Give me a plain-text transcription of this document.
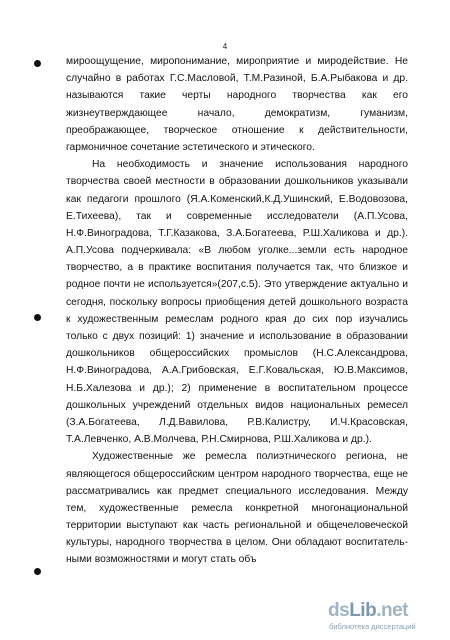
4
мироощущение, миропонимание, мироприятие и миродействие. Не
случайно в работах Г.С.Масловой, Т.М.Разиной, Б.А.Рыбакова и др.
называются такие черты народного творчества как его
жизнеутверждающее начало, демократизм, гуманизм,
преображающее, творческое отношение к действительности,
гармоничное сочетание эстетического и этического.
На необходимость и значение использования народного
творчества своей местности в образовании дошкольников указывали
как педагоги прошлого (Я.А.Коменский,К.Д.Ушинский, Е.Водовозова,
Е.Тихеева), так и современные исследователи (А.П.Усова,
Н.Ф.Виноградова, Т.Г.Казакова, З.А.Богатеева, Р.Ш.Халикова и др.).
А.П.Усова подчеркивала: «В любом уголке...земли есть народное
творчество, а в практике воспитания получается так, что близкое и
родное почти не используется»(207,с.5). Это утверждение актуально и
сегодня, поскольку вопросы приобщения детей дошкольного возраста
к художественным ремеслам родного края до сих пор изучались
только с двух позиций: 1) значение и использование в образовании
дошкольников общероссийских промыслов (Н.С.Александрова,
Н.Ф.Виноградова, А.А.Грибовская, Е.Г.Ковальская, Ю.В.Максимов,
Н.Б.Халезова и др.); 2) применение в воспитательном процессе
дошкольных учреждений отдельных видов национальных ремесел
(З.А.Богатеева, Л.Д.Вавилова, Р.В.Калистру, И.Ч.Красовская,
Т.А.Левченко, А.В.Молчева, Р.Н.Смирнова, Р.Ш.Халикова и др.).
Художественные же ремесла полиэтнического региона, не
являющегося общероссийским центром народного творчества, еще не
рассматривались как предмет специального исследования. Между
тем, художественные ремесла конкретной многонациональной
территории выступают как часть региональной и общечеловеческой
культуры, народного творчества в целом. Они обладают воспитатель-
ными возможностями и могут стать объ
dsLib.net
библиотека диссертаций
